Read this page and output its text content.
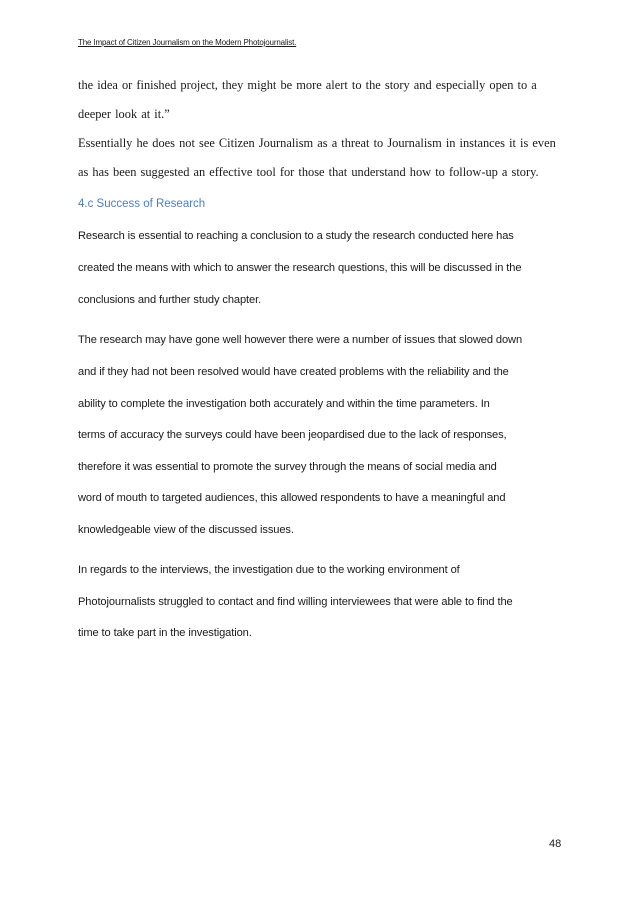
The Impact of Citizen Journalism on the Modern Photojournalist.
the idea or finished project, they might be more alert to the story and especially open to a
deeper look at it.”
Essentially he does not see Citizen Journalism as a threat to Journalism in instances it is even
as has been suggested an effective tool for those that understand how to follow-up a story.
4.c Success of Research
Research is essential to reaching a conclusion to a study the research conducted here has
created the means with which to answer the research questions, this will be discussed in the
conclusions and further study chapter.
The research may have gone well however there were a number of issues that slowed down
and if they had not been resolved would have created problems with the reliability and the
ability to complete the investigation both accurately and within the time parameters. In
terms of accuracy the surveys could have been jeopardised due to the lack of responses,
therefore it was essential to promote the survey through the means of social media and
word of mouth to targeted audiences, this allowed respondents to have a meaningful and
knowledgeable view of the discussed issues.
In regards to the interviews, the investigation due to the working environment of
Photojournalists struggled to contact and find willing interviewees that were able to find the
time to take part in the investigation.
48
